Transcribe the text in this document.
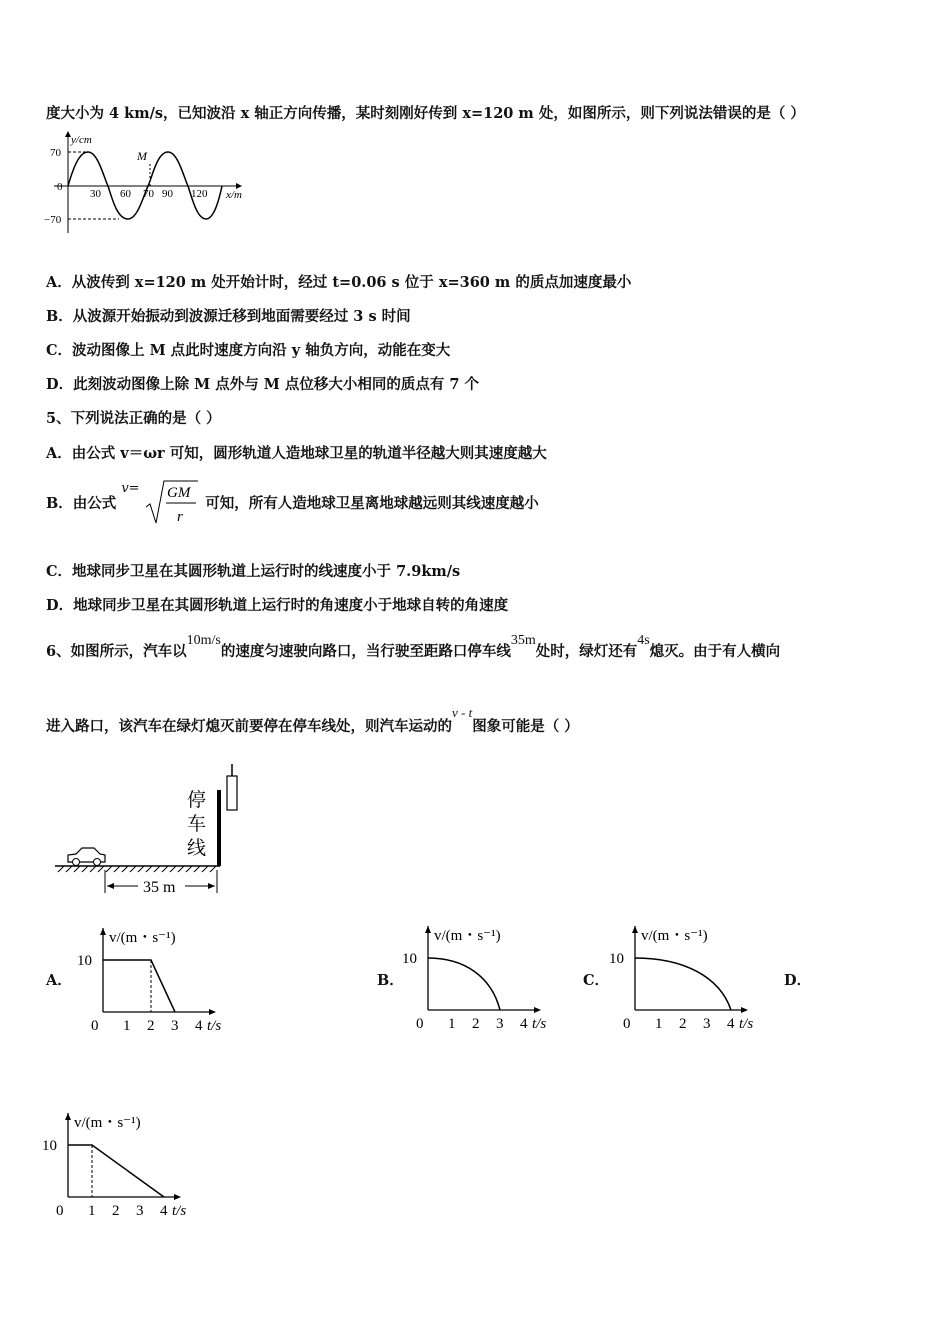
度大小为 4 km/s，已知波沿 x 轴正方向传播，某时刻刚好传到 x=120 m 处，如图所示，则下列说法错误的是（ ）
y/cm
x/m
70
0
−70
30 60 70 90 120
M
A．从波传到 x=120 m 处开始计时，经过 t=0.06 s 位于 x=360 m 的质点加速度最小
B．从波源开始振动到波源迁移到地面需要经过 3 s 时间
C．波动图像上 M 点此时速度方向沿 y 轴负方向，动能在变大
D．此刻波动图像上除 M 点外与 M 点位移大小相同的质点有 7 个
5、下列说法正确的是（ ）
A．由公式 v＝ωr 可知，圆形轨道人造地球卫星的轨道半径越大则其速度越大
B．由公式 v= GM
r
可知，所有人造地球卫星离地球越远则其线速度越小
C．地球同步卫星在其圆形轨道上运行时的线速度小于 7.9km/s
D．地球同步卫星在其圆形轨道上运行时的角速度小于地球自转的角速度
6、如图所示，汽车以10m/s的速度匀速驶向路口，当行驶至距路口停车线35m处时，绿灯还有4s熄灭。由于有人横向
进入路口，该汽车在绿灯熄灭前要停在停车线处，则汽车运动的v - t图象可能是（ ）
停
车
线
35 m
A．	B．	C．	D．
v/(m・s⁻¹)
t/s
0 1 2 3 4
10
v/(m・s⁻¹)
t/s
0 1 2 3 4
10
v/(m・s⁻¹)
t/s
0 1 2 3 4
10
v/(m・s⁻¹)
t/s
0 1 2 3 4
10
